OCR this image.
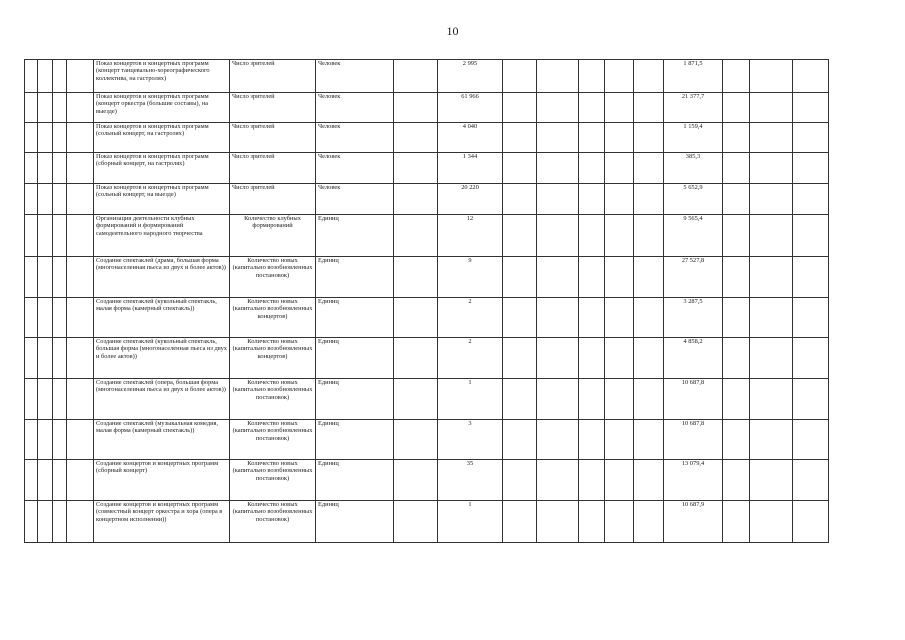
10
				Показ концертов и концертных программ (концерт танцевально-хореографического коллектива, на гастролях)	Число зрителей	Человек		2 995						1 871,5			
				Показ концертов и концертных программ (концерт оркестра (большие составы), на выезде)	Число зрителей	Человек		61 966						21 377,7			
				Показ концертов и концертных программ (сольный концерт, на гастролях)	Число зрителей	Человек		4 040						1 159,4			
				Показ концертов и концертных программ (сборный концерт, на гастролях)	Число зрителей	Человек		1 344						385,3			
				Показ концертов и концертных программ (сольный концерт, на выезде)	Число зрителей	Человек		20 220						5 652,9			
				Организация деятельности клубных формирований и формирований самодеятельного народного творчества	Количество клубных формирований	Единиц		12						9 565,4			
				Создание спектаклей (драма, большая форма (многонаселенная пьеса из двух и более актов))	Количество новых (капитально возобновленных постановок)	Единиц		9						27 527,8			
				Создание спектаклей (кукольный спектакль, малая форма (камерный спектакль))	Количество новых (капитально возобновленных концертов)	Единиц		2						3 287,5			
				Создание спектаклей (кукольный спектакль, большая форма (многонаселенная пьеса из двух и более актов))	Количество новых (капитально возобновленных концертов)	Единиц		2						4 858,2			
				Создание спектаклей (опера, большая форма (многонаселенная пьеса из двух и более актов))	Количество новых (капитально возобновленных постановок)	Единиц		1						10 687,8			
				Создание спектаклей (музыкальная комедия, малая форма (камерный спектакль))	Количество новых (капитально возобновленных постановок)	Единиц		3						10 687,8			
				Создание концертов и концертных программ (сборный концерт)	Количество новых (капитально возобновленных постановок)	Единиц		35						13 079,4			
				Создание концертов и концертных программ (совместный концерт оркестра и хора (опера в концертном исполнении))	Количество новых (капитально возобновленных постановок)	Единиц		1						10 687,9			
